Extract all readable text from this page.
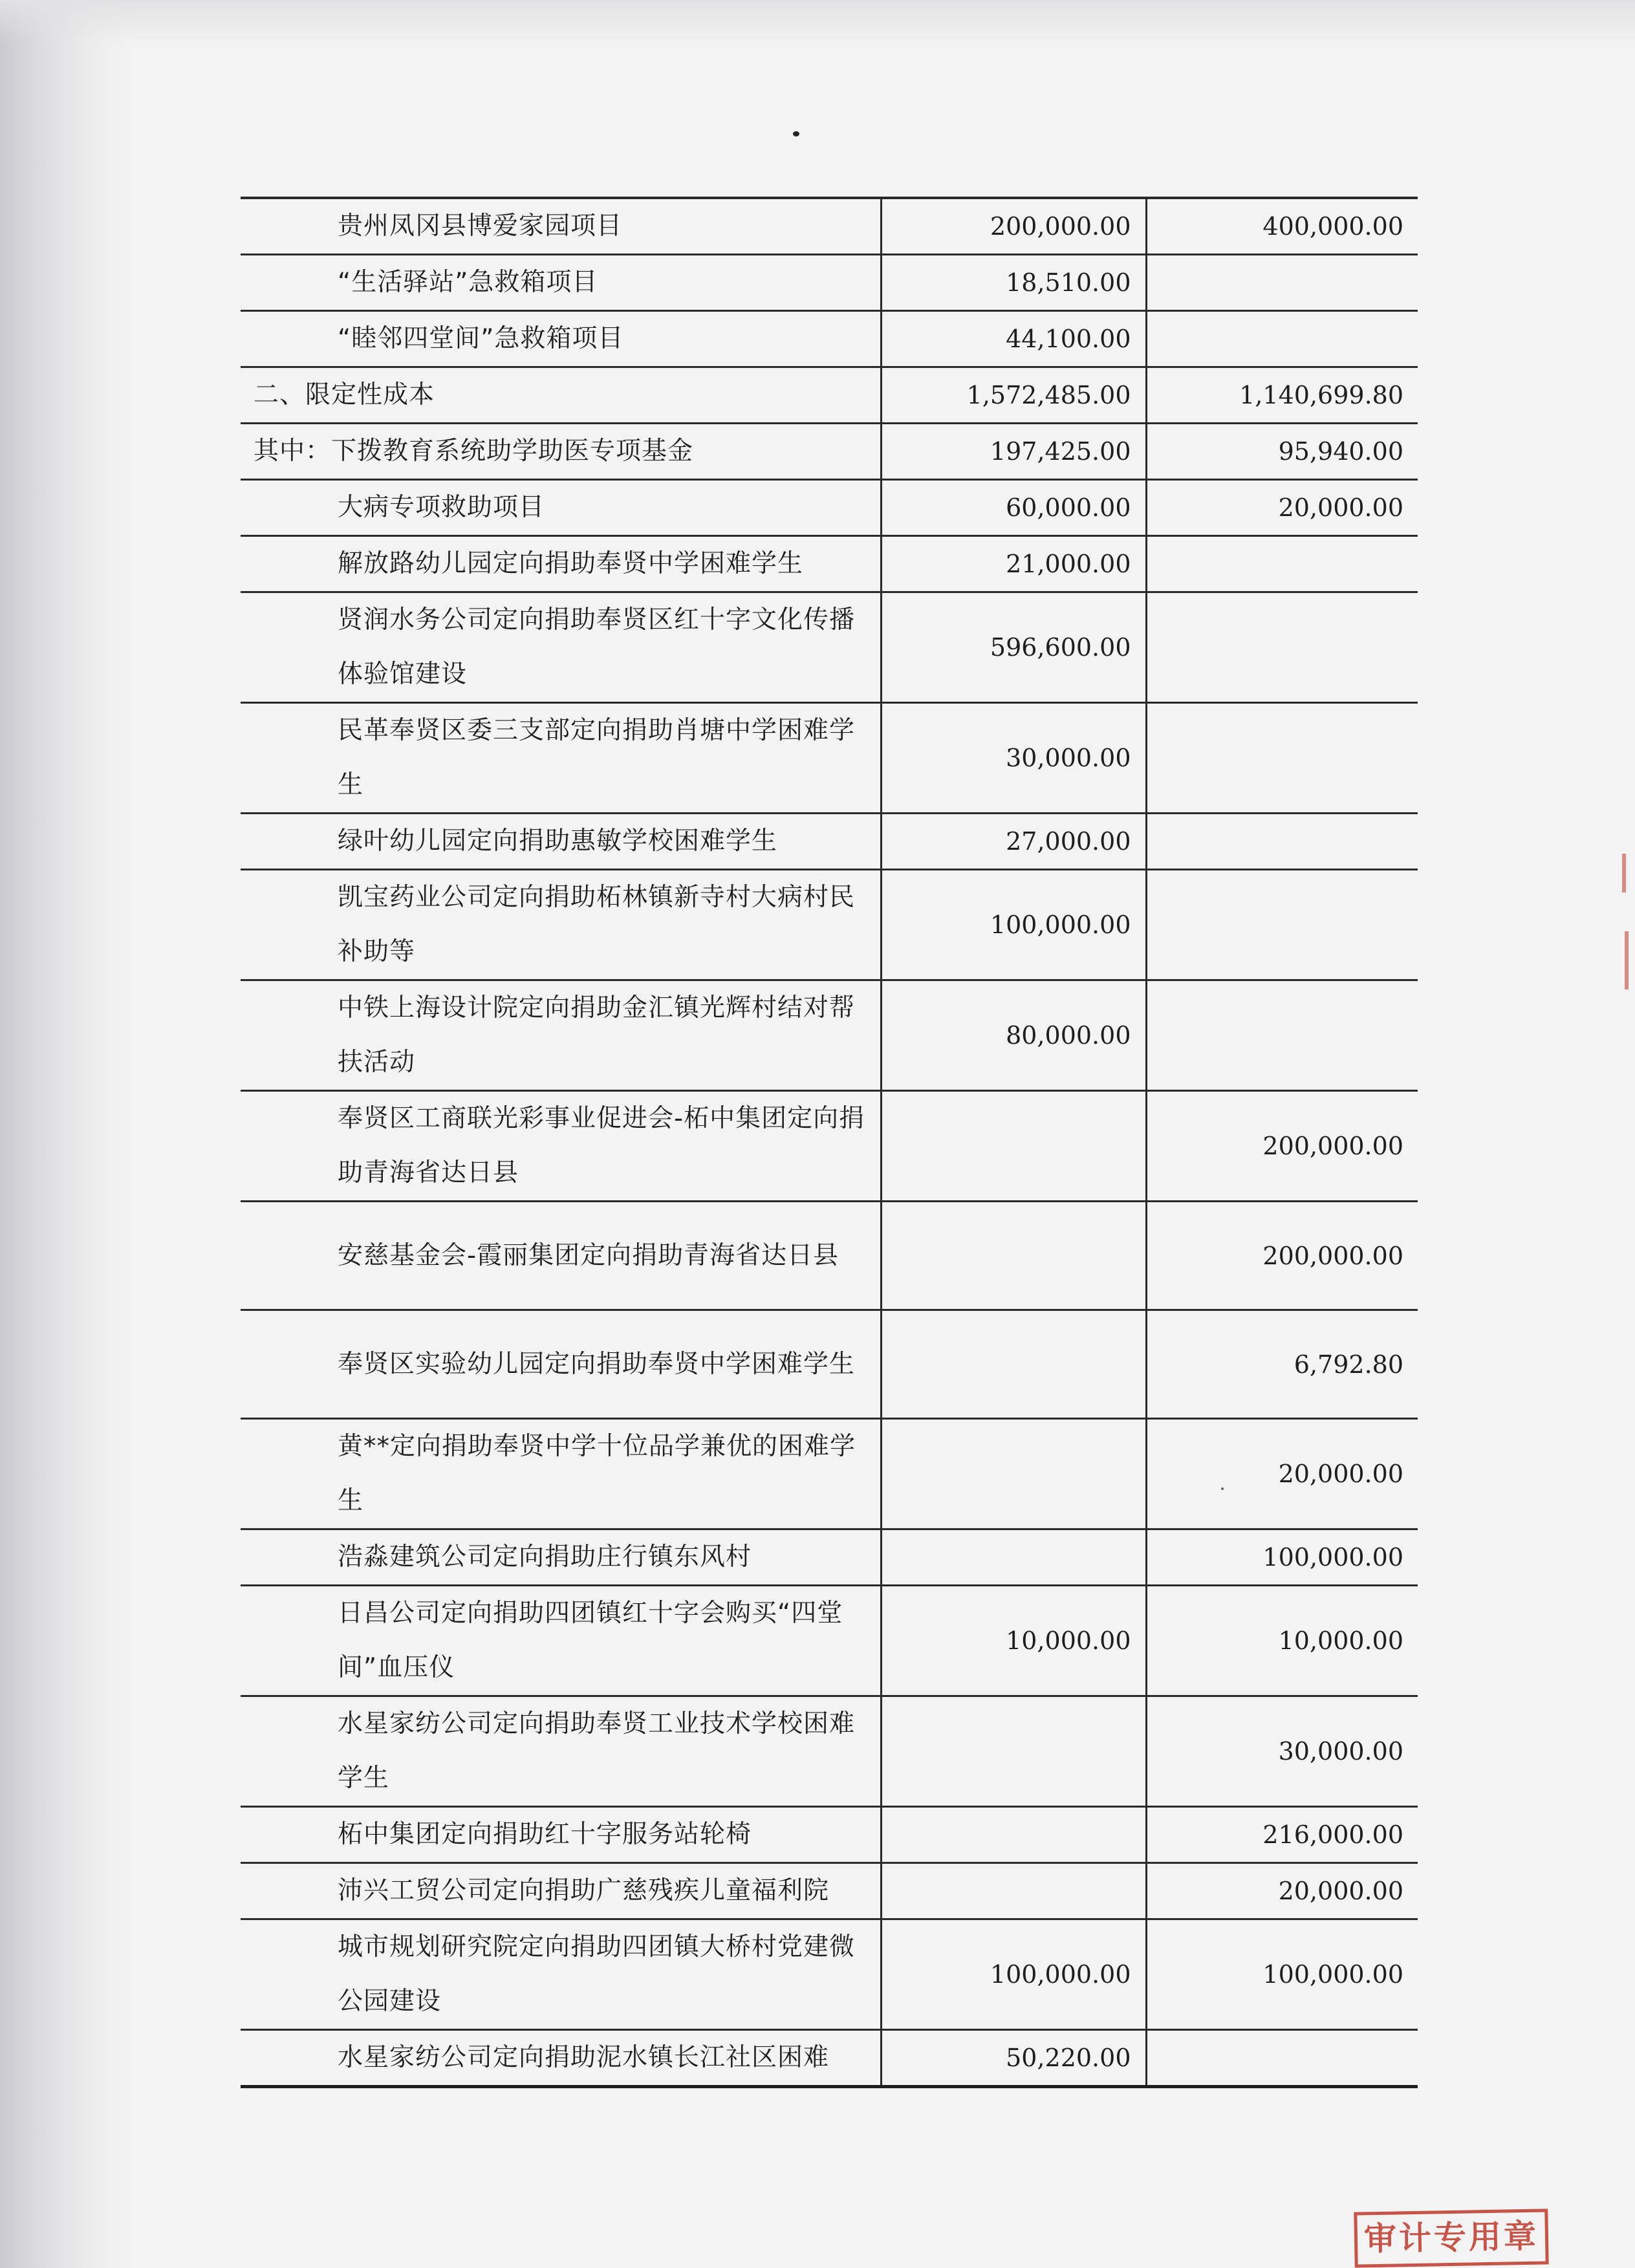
贵州凤冈县博爱家园项目	200,000.00	400,000.00
“生活驿站”急救箱项目	18,510.00	
“睦邻四堂间”急救箱项目	44,100.00	
二、限定性成本	1,572,485.00	1,140,699.80
其中：下拨教育系统助学助医专项基金	197,425.00	95,940.00
大病专项救助项目	60,000.00	20,000.00
解放路幼儿园定向捐助奉贤中学困难学生	21,000.00	
贤润水务公司定向捐助奉贤区红十字文化传播体验馆建设	596,600.00	
民革奉贤区委三支部定向捐助肖塘中学困难学生	30,000.00	
绿叶幼儿园定向捐助惠敏学校困难学生	27,000.00	
凯宝药业公司定向捐助柘林镇新寺村大病村民补助等	100,000.00	
中铁上海设计院定向捐助金汇镇光辉村结对帮扶活动	80,000.00	
奉贤区工商联光彩事业促进会-柘中集团定向捐助青海省达日县		200,000.00
安慈基金会-霞丽集团定向捐助青海省达日县		200,000.00
奉贤区实验幼儿园定向捐助奉贤中学困难学生		6,792.80
黄**定向捐助奉贤中学十位品学兼优的困难学生		20,000.00
浩淼建筑公司定向捐助庄行镇东风村		100,000.00
日昌公司定向捐助四团镇红十字会购买“四堂间”血压仪	10,000.00	10,000.00
水星家纺公司定向捐助奉贤工业技术学校困难学生		30,000.00
柘中集团定向捐助红十字服务站轮椅		216,000.00
沛兴工贸公司定向捐助广慈残疾儿童福利院		20,000.00
城市规划研究院定向捐助四团镇大桥村党建微公园建设	100,000.00	100,000.00
水星家纺公司定向捐助泥水镇长江社区困难	50,220.00	
审计专用章
